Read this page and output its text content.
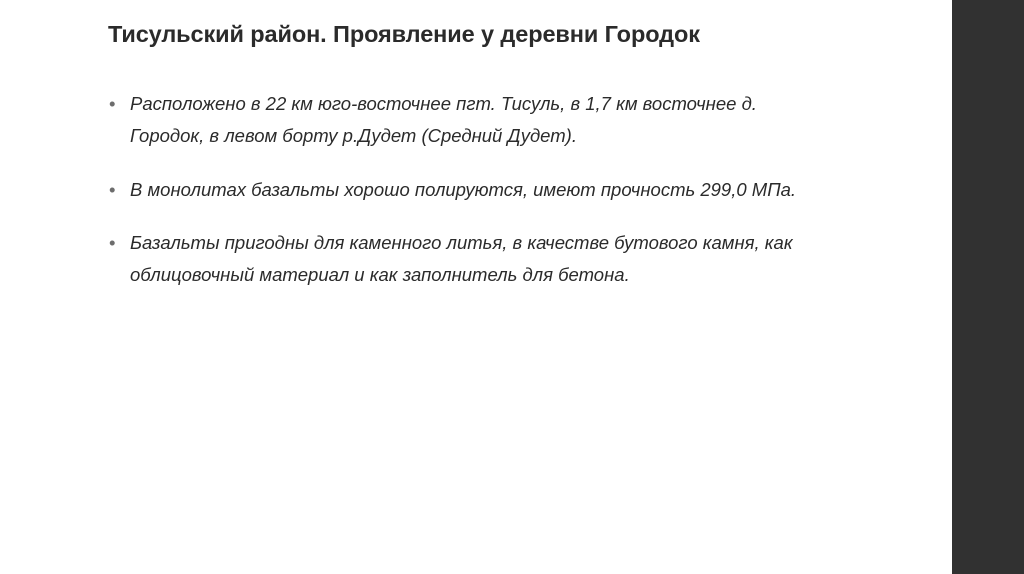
Тисульский район. Проявление у деревни Городок
• Расположено в 22 км юго-восточнее пгт. Тисуль, в 1,7 км восточнее д. Городок, в левом борту р.Дудет (Средний Дудет).
• В монолитах базальты хорошо полируются, имеют прочность 299,0 МПа.
• Базальты пригодны для каменного литья, в качестве бутового камня, как облицовочный материал и как заполнитель для бетона.
